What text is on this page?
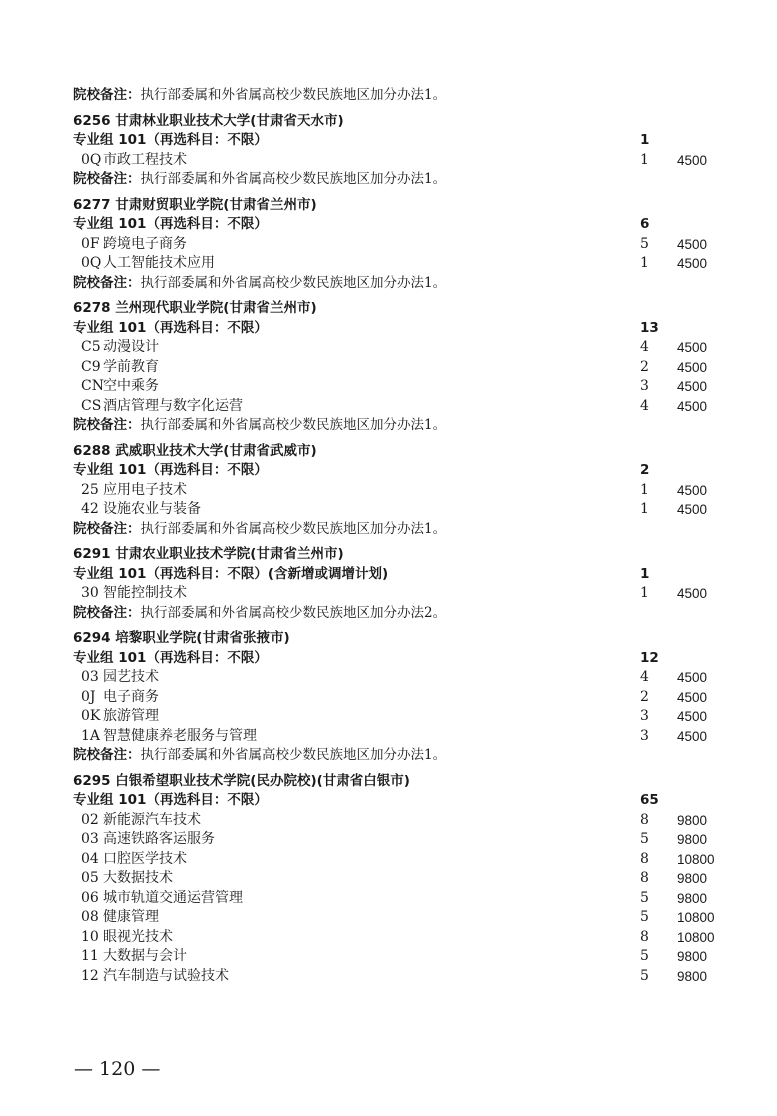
院校备注：执行部委属和外省属高校少数民族地区加分办法1。
6256 甘肃林业职业技术大学(甘肃省天水市)
专业组 101（再选科目：不限）	1
0Q 市政工程技术	1 4500
院校备注：执行部委属和外省属高校少数民族地区加分办法1。
6277 甘肃财贸职业学院(甘肃省兰州市)
专业组 101（再选科目：不限）	6
0F 跨境电子商务	5 4500
0Q 人工智能技术应用	1 4500
院校备注：执行部委属和外省属高校少数民族地区加分办法1。
6278 兰州现代职业学院(甘肃省兰州市)
专业组 101（再选科目：不限）	13
C5 动漫设计	4 4500
C9 学前教育	2 4500
CN 空中乘务	3 4500
CS 酒店管理与数字化运营	4 4500
院校备注：执行部委属和外省属高校少数民族地区加分办法1。
6288 武威职业技术大学(甘肃省武威市)
专业组 101（再选科目：不限）	2
25 应用电子技术	1 4500
42 设施农业与装备	1 4500
院校备注：执行部委属和外省属高校少数民族地区加分办法1。
6291 甘肃农业职业技术学院(甘肃省兰州市)
专业组 101（再选科目：不限）(含新增或调增计划)	1
30 智能控制技术	1 4500
院校备注：执行部委属和外省属高校少数民族地区加分办法2。
6294 培黎职业学院(甘肃省张掖市)
专业组 101（再选科目：不限）	12
03 园艺技术	4 4500
0J 电子商务	2 4500
0K 旅游管理	3 4500
1A 智慧健康养老服务与管理	3 4500
院校备注：执行部委属和外省属高校少数民族地区加分办法1。
6295 白银希望职业技术学院(民办院校)(甘肃省白银市)
专业组 101（再选科目：不限）	65
02 新能源汽车技术	8 9800
03 高速铁路客运服务	5 9800
04 口腔医学技术	8 10800
05 大数据技术	8 9800
06 城市轨道交通运营管理	5 9800
08 健康管理	5 10800
10 眼视光技术	8 10800
11 大数据与会计	5 9800
12 汽车制造与试验技术	5 9800
— 120 —
